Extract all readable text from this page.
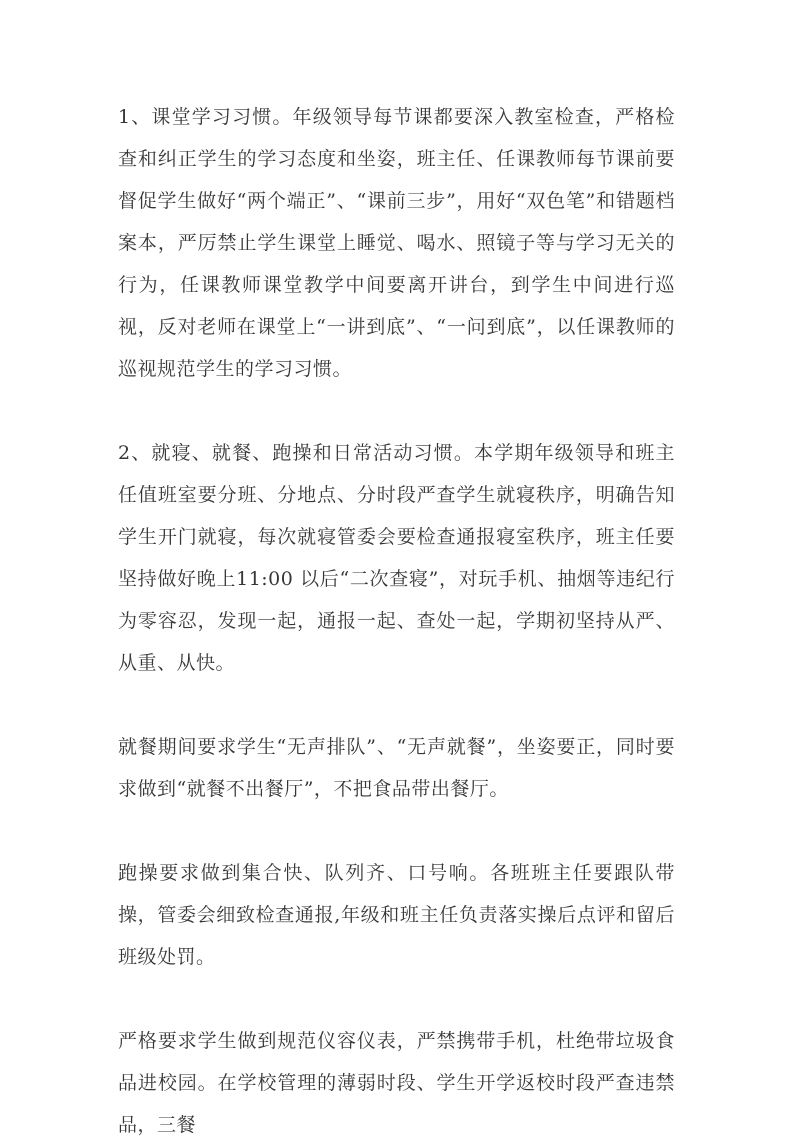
1、课堂学习习惯。年级领导每节课都要深入教室检查，严格检查和纠正学生的学习态度和坐姿，班主任、任课教师每节课前要督促学生做好“两个端正”、“课前三步”，用好“双色笔”和错题档案本，严厉禁止学生课堂上睡觉、喝水、照镜子等与学习无关的行为，任课教师课堂教学中间要离开讲台，到学生中间进行巡视，反对老师在课堂上“一讲到底”、“一问到底”，以任课教师的巡视规范学生的学习习惯。

2、就寝、就餐、跑操和日常活动习惯。本学期年级领导和班主任值班室要分班、分地点、分时段严查学生就寝秩序，明确告知学生开门就寝，每次就寝管委会要检查通报寝室秩序，班主任要坚持做好晚上11:00 以后“二次查寝”，对玩手机、抽烟等违纪行为零容忍，发现一起，通报一起、查处一起，学期初坚持从严、从重、从快。

就餐期间要求学生“无声排队”、“无声就餐”，坐姿要正，同时要求做到“就餐不出餐厅”，不把食品带出餐厅。

跑操要求做到集合快、队列齐、口号响。各班班主任要跟队带操，管委会细致检查通报,年级和班主任负责落实操后点评和留后班级处罚。

严格要求学生做到规范仪容仪表，严禁携带手机，杜绝带垃圾食品进校园。在学校管理的薄弱时段、学生开学返校时段严查违禁品，三餐
